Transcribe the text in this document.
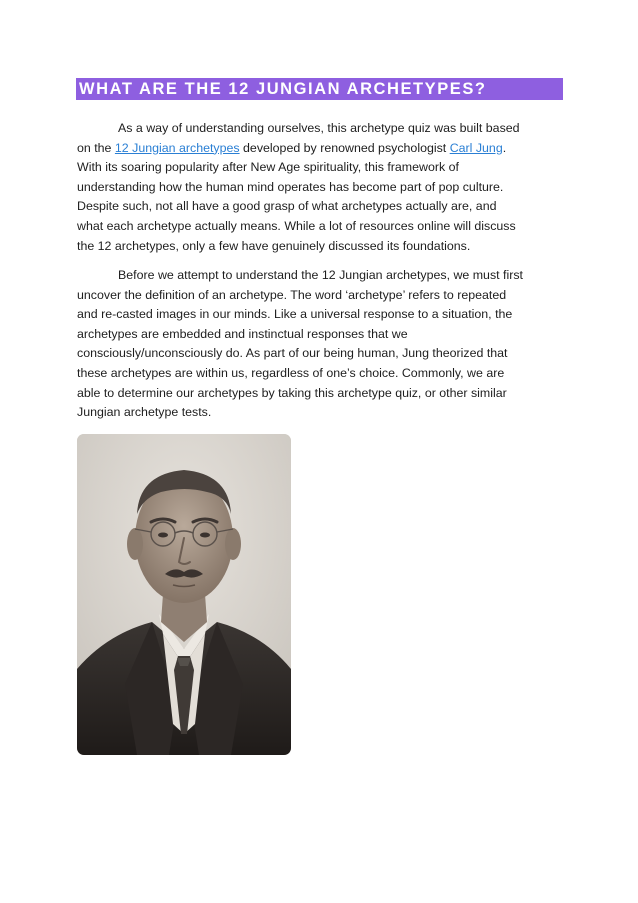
WHAT ARE THE 12 JUNGIAN ARCHETYPES?

As a way of understanding ourselves, this archetype quiz was built based
on the 12 Jungian archetypes developed by renowned psychologist Carl Jung.
With its soaring popularity after New Age spirituality, this framework of
understanding how the human mind operates has become part of pop culture.
Despite such, not all have a good grasp of what archetypes actually are, and
what each archetype actually means. While a lot of resources online will discuss
the 12 archetypes, only a few have genuinely discussed its foundations.

Before we attempt to understand the 12 Jungian archetypes, we must first
uncover the definition of an archetype. The word ‘archetype’ refers to repeated
and re-casted images in our minds. Like a universal response to a situation, the
archetypes are embedded and instinctual responses that we
consciously/unconsciously do. As part of our being human, Jung theorized that
these archetypes are within us, regardless of one’s choice. Commonly, we are
able to determine our archetypes by taking this archetype quiz, or other similar
Jungian archetype tests.
